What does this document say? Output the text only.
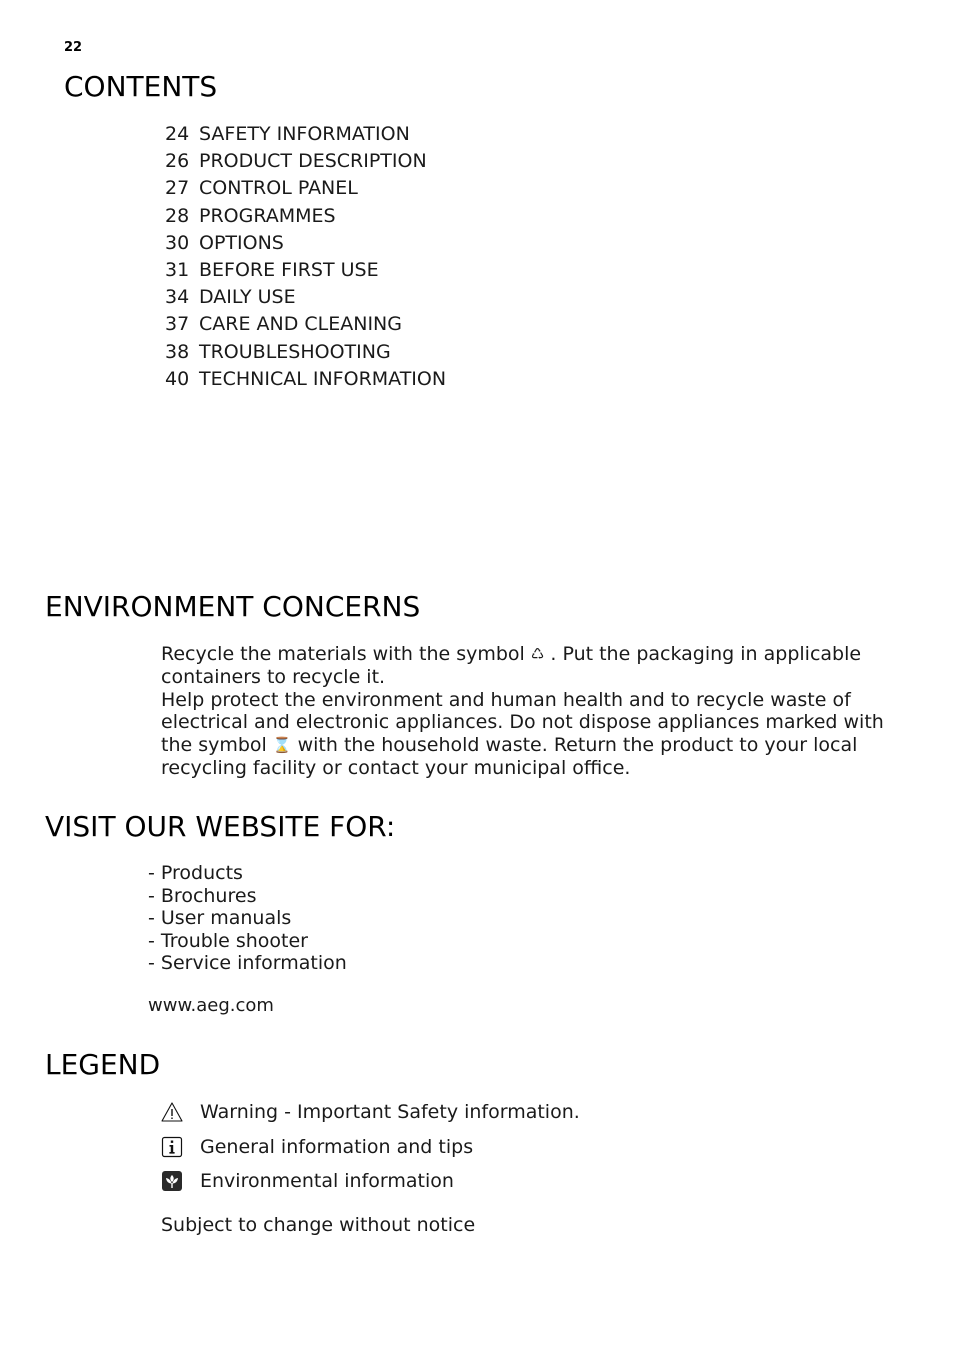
22
CONTENTS
24 SAFETY INFORMATION
26 PRODUCT DESCRIPTION
27 CONTROL PANEL
28 PROGRAMMES
30 OPTIONS
31 BEFORE FIRST USE
34 DAILY USE
37 CARE AND CLEANING
38 TROUBLESHOOTING
40 TECHNICAL INFORMATION
ENVIRONMENT CONCERNS

Recycle the materials with the symbol ♺ . Put the packaging in applicable containers to recycle it.

Help protect the environment and human health and to recycle waste of electrical and electronic appliances. Do not dispose appliances marked with the symbol ⌛ with the household waste. Return the product to your local recycling facility or contact your municipal office.

VISIT OUR WEBSITE FOR:
- Products
- Brochures
- User manuals
- Trouble shooter
- Service information
www.aeg.com
LEGEND
Warning - Important Safety information.
General information and tips
Environmental information
Subject to change without notice
